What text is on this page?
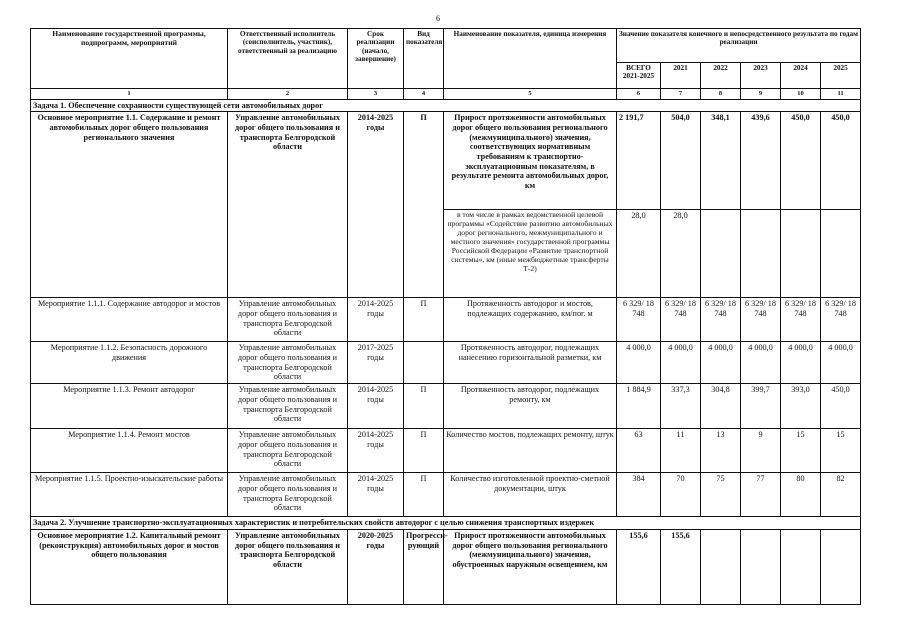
6
Наименование государственной программы, подпрограмм, мероприятий	Ответственный исполнитель (соисполнитель, участник), ответственный за реализацию	Срок реализации (начало, завершение)	Вид показателя	Наименование показателя, единица измерения	Значение показателя конечного и непосредственного результата по годам реализации					
					ВСЕГО 2021-2025	2021	2022	2023	2024	2025
1	2	3	4	5	6	7	8	9	10	11
Задача 1. Обеспечение сохранности существующей сети автомобильных дорог										
Основное мероприятие 1.1. Содержание и ремонт автомобильных дорог общего пользования регионального значения	Управление автомобильных дорог общего пользования и транспорта Белгородской области	2014-2025 годы	П	Прирост протяженности автомобильных дорог общего пользования регионального (межмуниципального) значения, соответствующих нормативным требованиям к транспортно-эксплуатационным показателям, в результате ремонта автомобильных дорог, км	2 191,7	504,0	348,1	439,6	450,0	450,0
				в том числе в рамках ведомственной целевой программы «Содействие развитию автомобильных дорог регионального, межмуниципального и местного значения» государственной программы Российской Федерации «Развитие транспортной системы», км (иные межбюджетные трансферты Т-2)	28,0	28,0				
Мероприятие 1.1.1. Содержание автодорог и мостов	Управление автомобильных дорог общего пользования и транспорта Белгородской области	2014-2025 годы	П	Протяженность автодорог и мостов, подлежащих содержанию, км/пог. м	6 329/ 18 748	6 329/ 18 748	6 329/ 18 748	6 329/ 18 748	6 329/ 18 748	6 329/ 18 748
Мероприятие 1.1.2. Безопасность дорожного движения	Управление автомобильных дорог общего пользования и транспорта Белгородской области	2017-2025 годы		Протяженность автодорог, подлежащих нанесению горизонтальной разметки, км	4 000,0	4 000,0	4 000,0	4 000,0	4 000,0	4 000,0
Мероприятие 1.1.3. Ремонт автодорог	Управление автомобильных дорог общего пользования и транспорта Белгородской области	2014-2025 годы	П	Протяженность автодорог, подлежащих ремонту, км	1 884,9	337,3	304,8	399,7	393,0	450,0
Мероприятие 1.1.4. Ремонт мостов	Управление автомобильных дорог общего пользования и транспорта Белгородской области	2014-2025 годы	П	Количество мостов, подлежащих ремонту, штук	63	11	13	9	15	15
Мероприятие 1.1.5. Проектно-изыскательские работы	Управление автомобильных дорог общего пользования и транспорта Белгородской области	2014-2025 годы	П	Количество изготовленной проектно-сметной документации, штук	384	70	75	77	80	82
Задача 2. Улучшение транспортно-эксплуатационных характеристик и потребительских свойств автодорог с целью снижения транспортных издержек										
Основное мероприятие 1.2. Капитальный ремонт (реконструкция) автомобильных дорог и мостов общего пользования	Управление автомобильных дорог общего пользования и транспорта Белгородской области	2020-2025 годы	Прогресси-рующий	Прирост протяженности автомобильных дорог общего пользования регионального (межмуниципального) значения, обустроенных наружным освещением, км	155,6	155,6				
